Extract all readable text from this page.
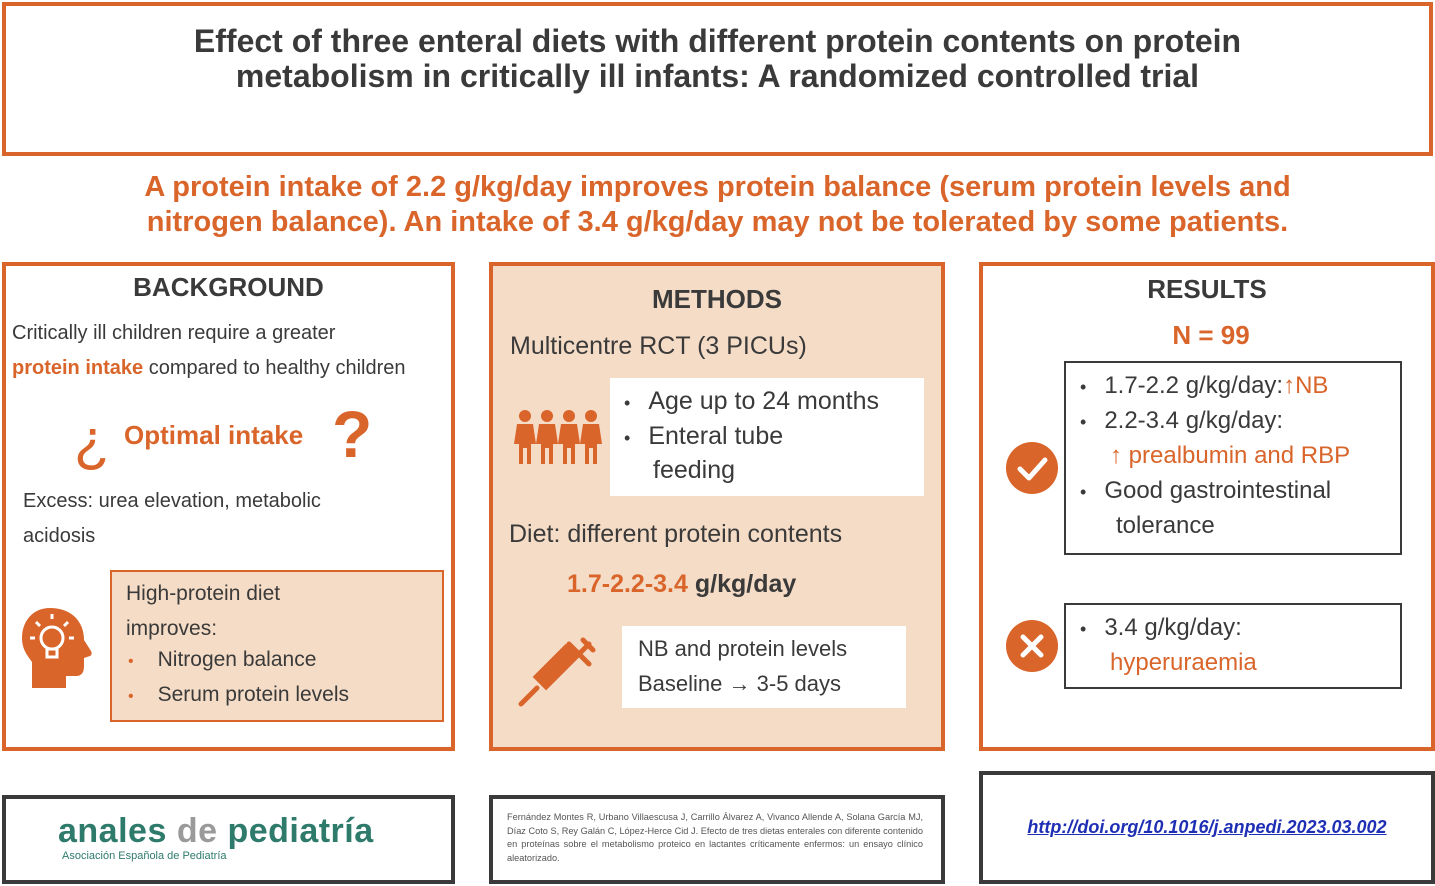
Effect of three enteral diets with different protein contents on protein metabolism in critically ill infants: A randomized controlled trial
A protein intake of 2.2 g/kg/day improves protein balance (serum protein levels and
nitrogen balance). An intake of 3.4 g/kg/day may not be tolerated by some patients.
BACKGROUND
Critically ill children require a greater
protein intake compared to healthy children
¿ Optimal intake ?
Excess: urea elevation, metabolic
acidosis
High-protein diet
improves:
• Nitrogen balance
• Serum protein levels
METHODS
Multicentre RCT (3 PICUs)
• Age up to 24 months
• Enteral tube
feeding
Diet: different protein contents
1.7-2.2-3.4 g/kg/day
NB and protein levels
Baseline → 3-5 days
RESULTS
N = 99
• 1.7-2.2 g/kg/day:↑NB
• 2.2-3.4 g/kg/day:
↑ prealbumin and RBP
• Good gastrointestinal
tolerance
• 3.4 g/kg/day:
hyperuraemia
anales de pediatría
Asociación Española de Pediatría
Fernández Montes R, Urbano Villaescusa J, Carrillo Álvarez A, Vivanco Allende A, Solana García MJ, Díaz Coto S, Rey Galán C, López-Herce Cid J. Efecto de tres dietas enterales con diferente contenido en proteínas sobre el metabolismo proteico en lactantes críticamente enfermos: un ensayo clínico aleatorizado.
http://doi.org/10.1016/j.anpedi.2023.03.002
